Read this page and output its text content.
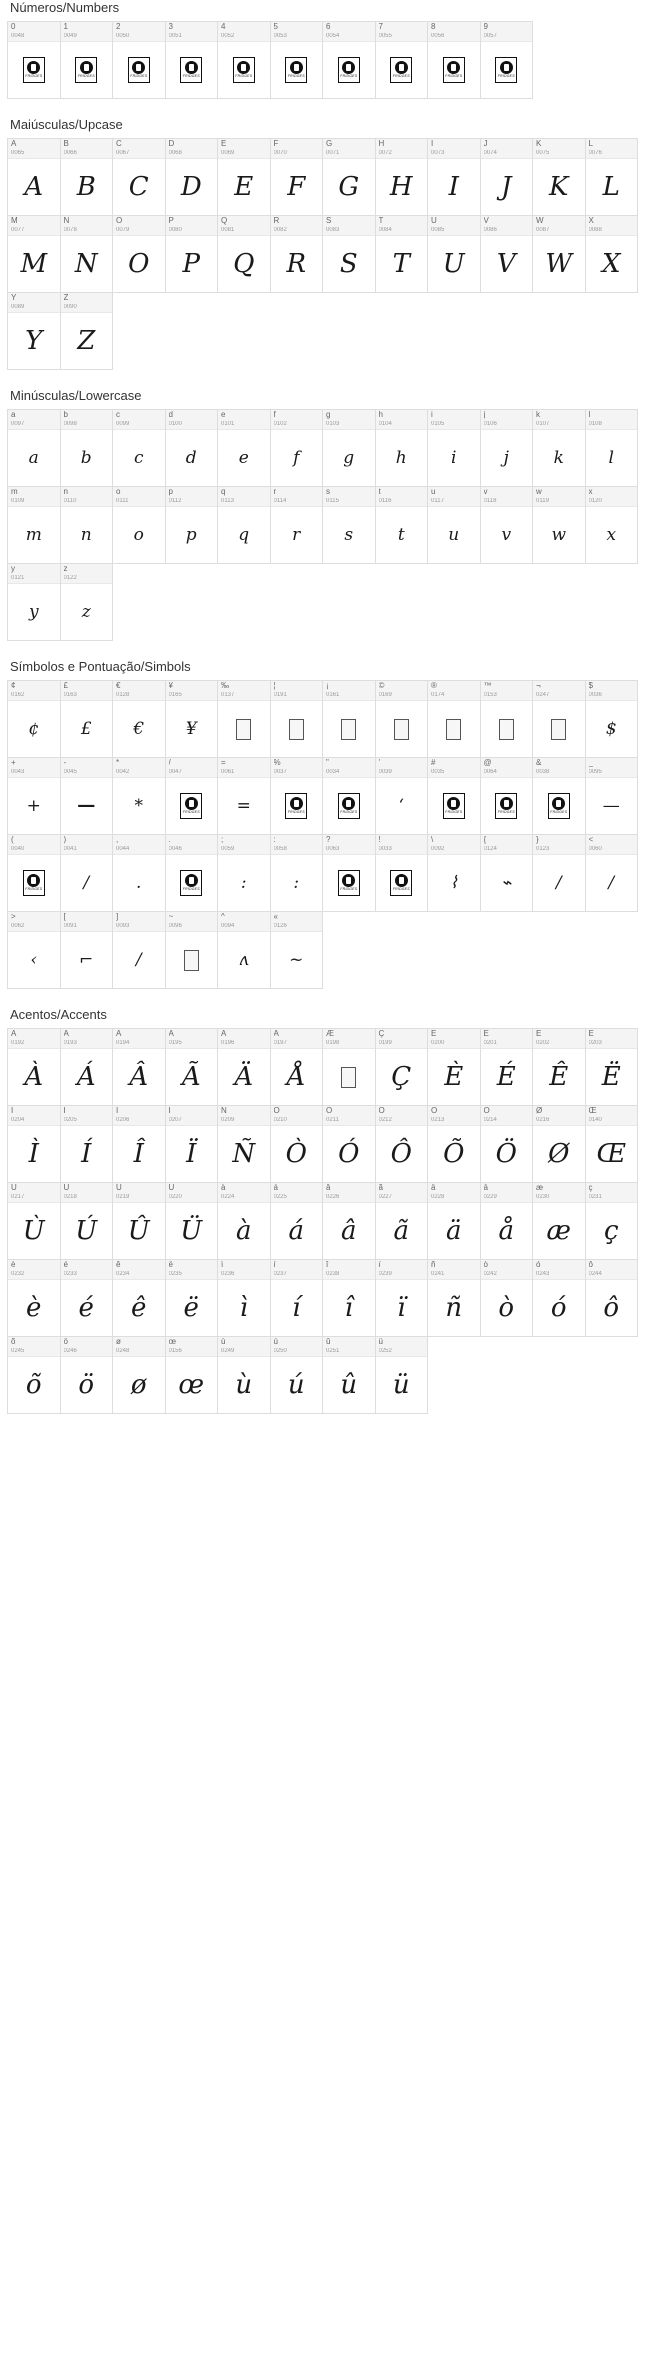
Números/Numbers
0
0048
FRIDGES
1
0049
FRIDGES
2
0050
FRIDGES
3
0051
FRIDGES
4
0052
FRIDGES
5
0053
FRIDGES
6
0054
FRIDGES
7
0055
FRIDGES
8
0056
FRIDGES
9
0057
FRIDGES
Maiúsculas/Upcase
A
0065
A
B
0066
B
C
0067
C
D
0068
D
E
0069
E
F
0070
F
G
0071
G
H
0072
H
I
0073
I
J
0074
J
K
0075
K
L
0076
L
M
0077
M
N
0078
N
O
0079
O
P
0080
P
Q
0081
Q
R
0082
R
S
0083
S
T
0084
T
U
0085
U
V
0086
V
W
0087
W
X
0088
X
Y
0089
Y
Z
0090
Z
Minúsculas/Lowercase
a
0097
a
b
0098
b
c
0099
c
d
0100
d
e
0101
e
f
0102
f
g
0103
g
h
0104
h
i
0105
i
j
0106
j
k
0107
k
l
0108
l
m
0109
m
n
0110
n
o
0111
o
p
0112
p
q
0113
q
r
0114
r
s
0115
s
t
0116
t
u
0117
u
v
0118
v
w
0119
w
x
0120
x
y
0121
y
z
0122
z
Símbolos e Pontuação/Simbols
¢
0162
¢
£
0163
£
€
0128
€
¥
0165
¥
‰
0137
¦
0191
¡
0161
©
0169
®
0174
™
0153
¬
0247
$
0036
$
+
0043
+
-
0045
−
*
0042
*
/
0047
FRIDGES
=
0061
=
%
0037
FRIDGES
"
0034
FRIDGES
'
0039
‘
#
0035
FRIDGES
@
0064
FRIDGES
&
0038
FRIDGES
_
0095
—
(
0040
FRIDGES
)
0041
/
,
0044
.
.
0046
FRIDGES
;
0059
:
:
0058
:
?
0063
FRIDGES
!
0033
FRIDGES
\
0092
⌇
{
0124
⌁
}
0123
/
<
0060
/
>
0062
‹
[
0091
⌐
]
0093
/
~
0096
^
0094
ʌ
«
0126
~
Acentos/Accents
À
0192
À
Á
0193
Á
Â
0194
Â
Ã
0195
Ã
Ä
0196
Ä
Å
0197
Å
Æ
0198
Ç
0199
Ç
È
0200
È
É
0201
É
Ê
0202
Ê
Ë
0203
Ë
Ì
0204
Ì
Í
0205
Í
Î
0206
Î
Ï
0207
Ï
Ñ
0209
Ñ
Ò
0210
Ò
Ó
0211
Ó
Ô
0212
Ô
Õ
0213
Õ
Ö
0214
Ö
Ø
0216
Ø
Œ
0140
Œ
Ù
0217
Ù
Ú
0218
Ú
Û
0219
Û
Ü
0220
Ü
à
0224
à
á
0225
á
â
0226
â
ã
0227
ã
ä
0228
ä
å
0229
å
æ
0230
æ
ç
0231
ç
è
0232
è
é
0233
é
ê
0234
ê
ë
0235
ë
ì
0236
ì
í
0237
í
î
0238
î
ï
0239
ï
ñ
0241
ñ
ò
0242
ò
ó
0243
ó
ô
0244
ô
õ
0245
õ
ö
0246
ö
ø
0248
ø
œ
0156
œ
ù
0249
ù
ú
0250
ú
û
0251
û
ü
0252
ü
